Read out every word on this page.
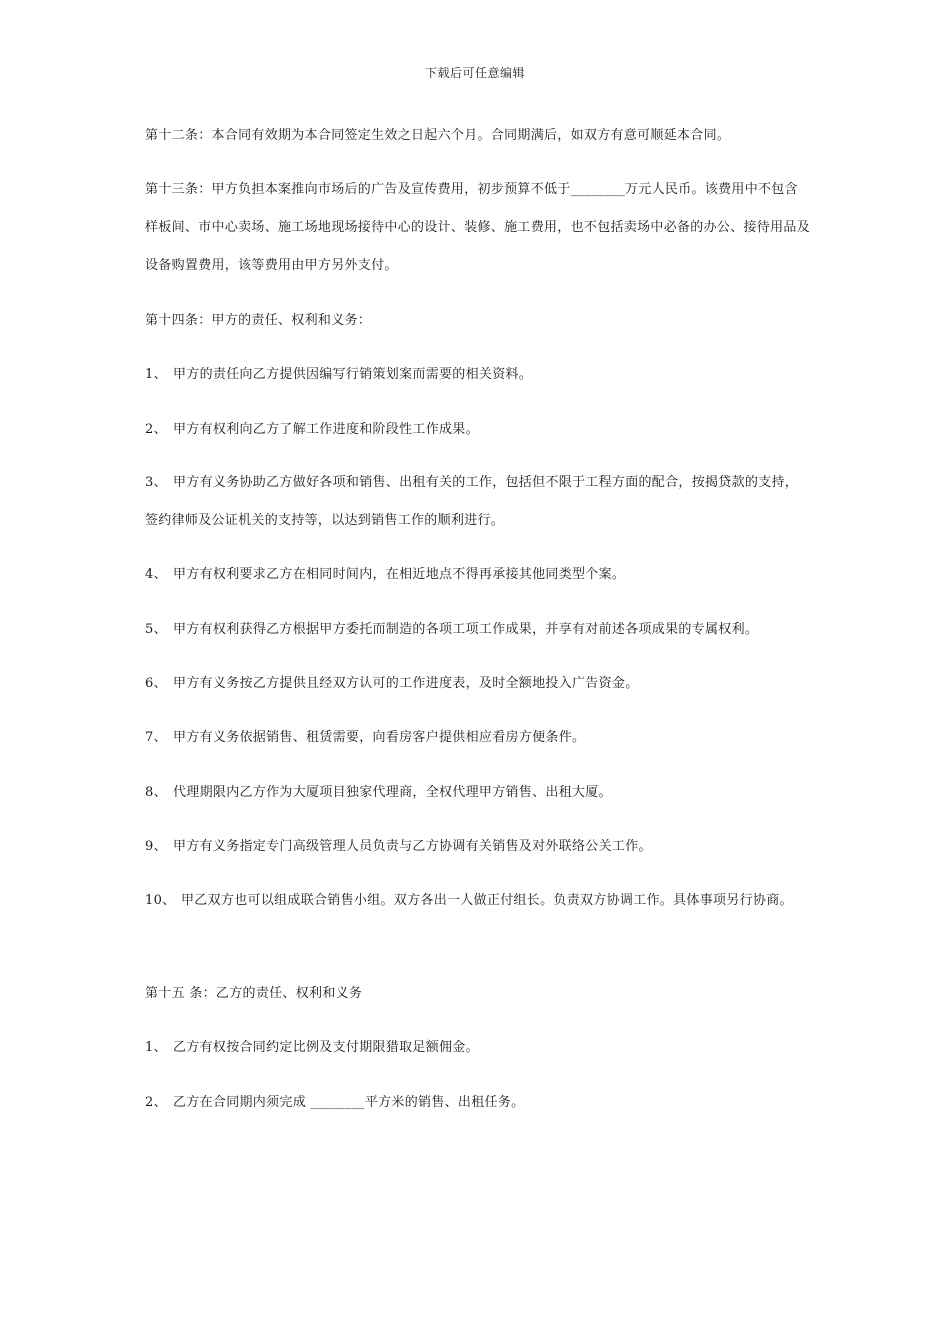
下载后可任意编辑
第十二条：本合同有效期为本合同签定生效之日起六个月。合同期满后，如双方有意可顺延本合同。
第十三条：甲方负担本案推向市场后的广告及宣传费用，初步预算不低于________万元人民币。该费用中不包含样板间、市中心卖场、施工场地现场接待中心的设计、装修、施工费用，也不包括卖场中必备的办公、接待用品及设备购置费用，该等费用由甲方另外支付。
第十四条：甲方的责任、权利和义务：
1、 甲方的责任向乙方提供因编写行销策划案而需要的相关资料。
2、 甲方有权利向乙方了解工作进度和阶段性工作成果。
3、 甲方有义务协助乙方做好各项和销售、出租有关的工作，包括但不限于工程方面的配合，按揭贷款的支持，签约律师及公证机关的支持等，以达到销售工作的顺利进行。
4、 甲方有权利要求乙方在相同时间内，在相近地点不得再承接其他同类型个案。
5、 甲方有权利获得乙方根据甲方委托而制造的各项工项工作成果，并享有对前述各项成果的专属权利。
6、 甲方有义务按乙方提供且经双方认可的工作进度表，及时全额地投入广告资金。
7、 甲方有义务依据销售、租赁需要，向看房客户提供相应看房方便条件。
8、 代理期限内乙方作为大厦项目独家代理商，全权代理甲方销售、出租大厦。
9、 甲方有义务指定专门高级管理人员负责与乙方协调有关销售及对外联络公关工作。
10、 甲乙双方也可以组成联合销售小组。双方各出一人做正付组长。负责双方协调工作。具体事项另行协商。
第十五 条：乙方的责任、权利和义务
1、 乙方有权按合同约定比例及支付期限猎取足额佣金。
2、 乙方在合同期内须完成 ________平方米的销售、出租任务。
